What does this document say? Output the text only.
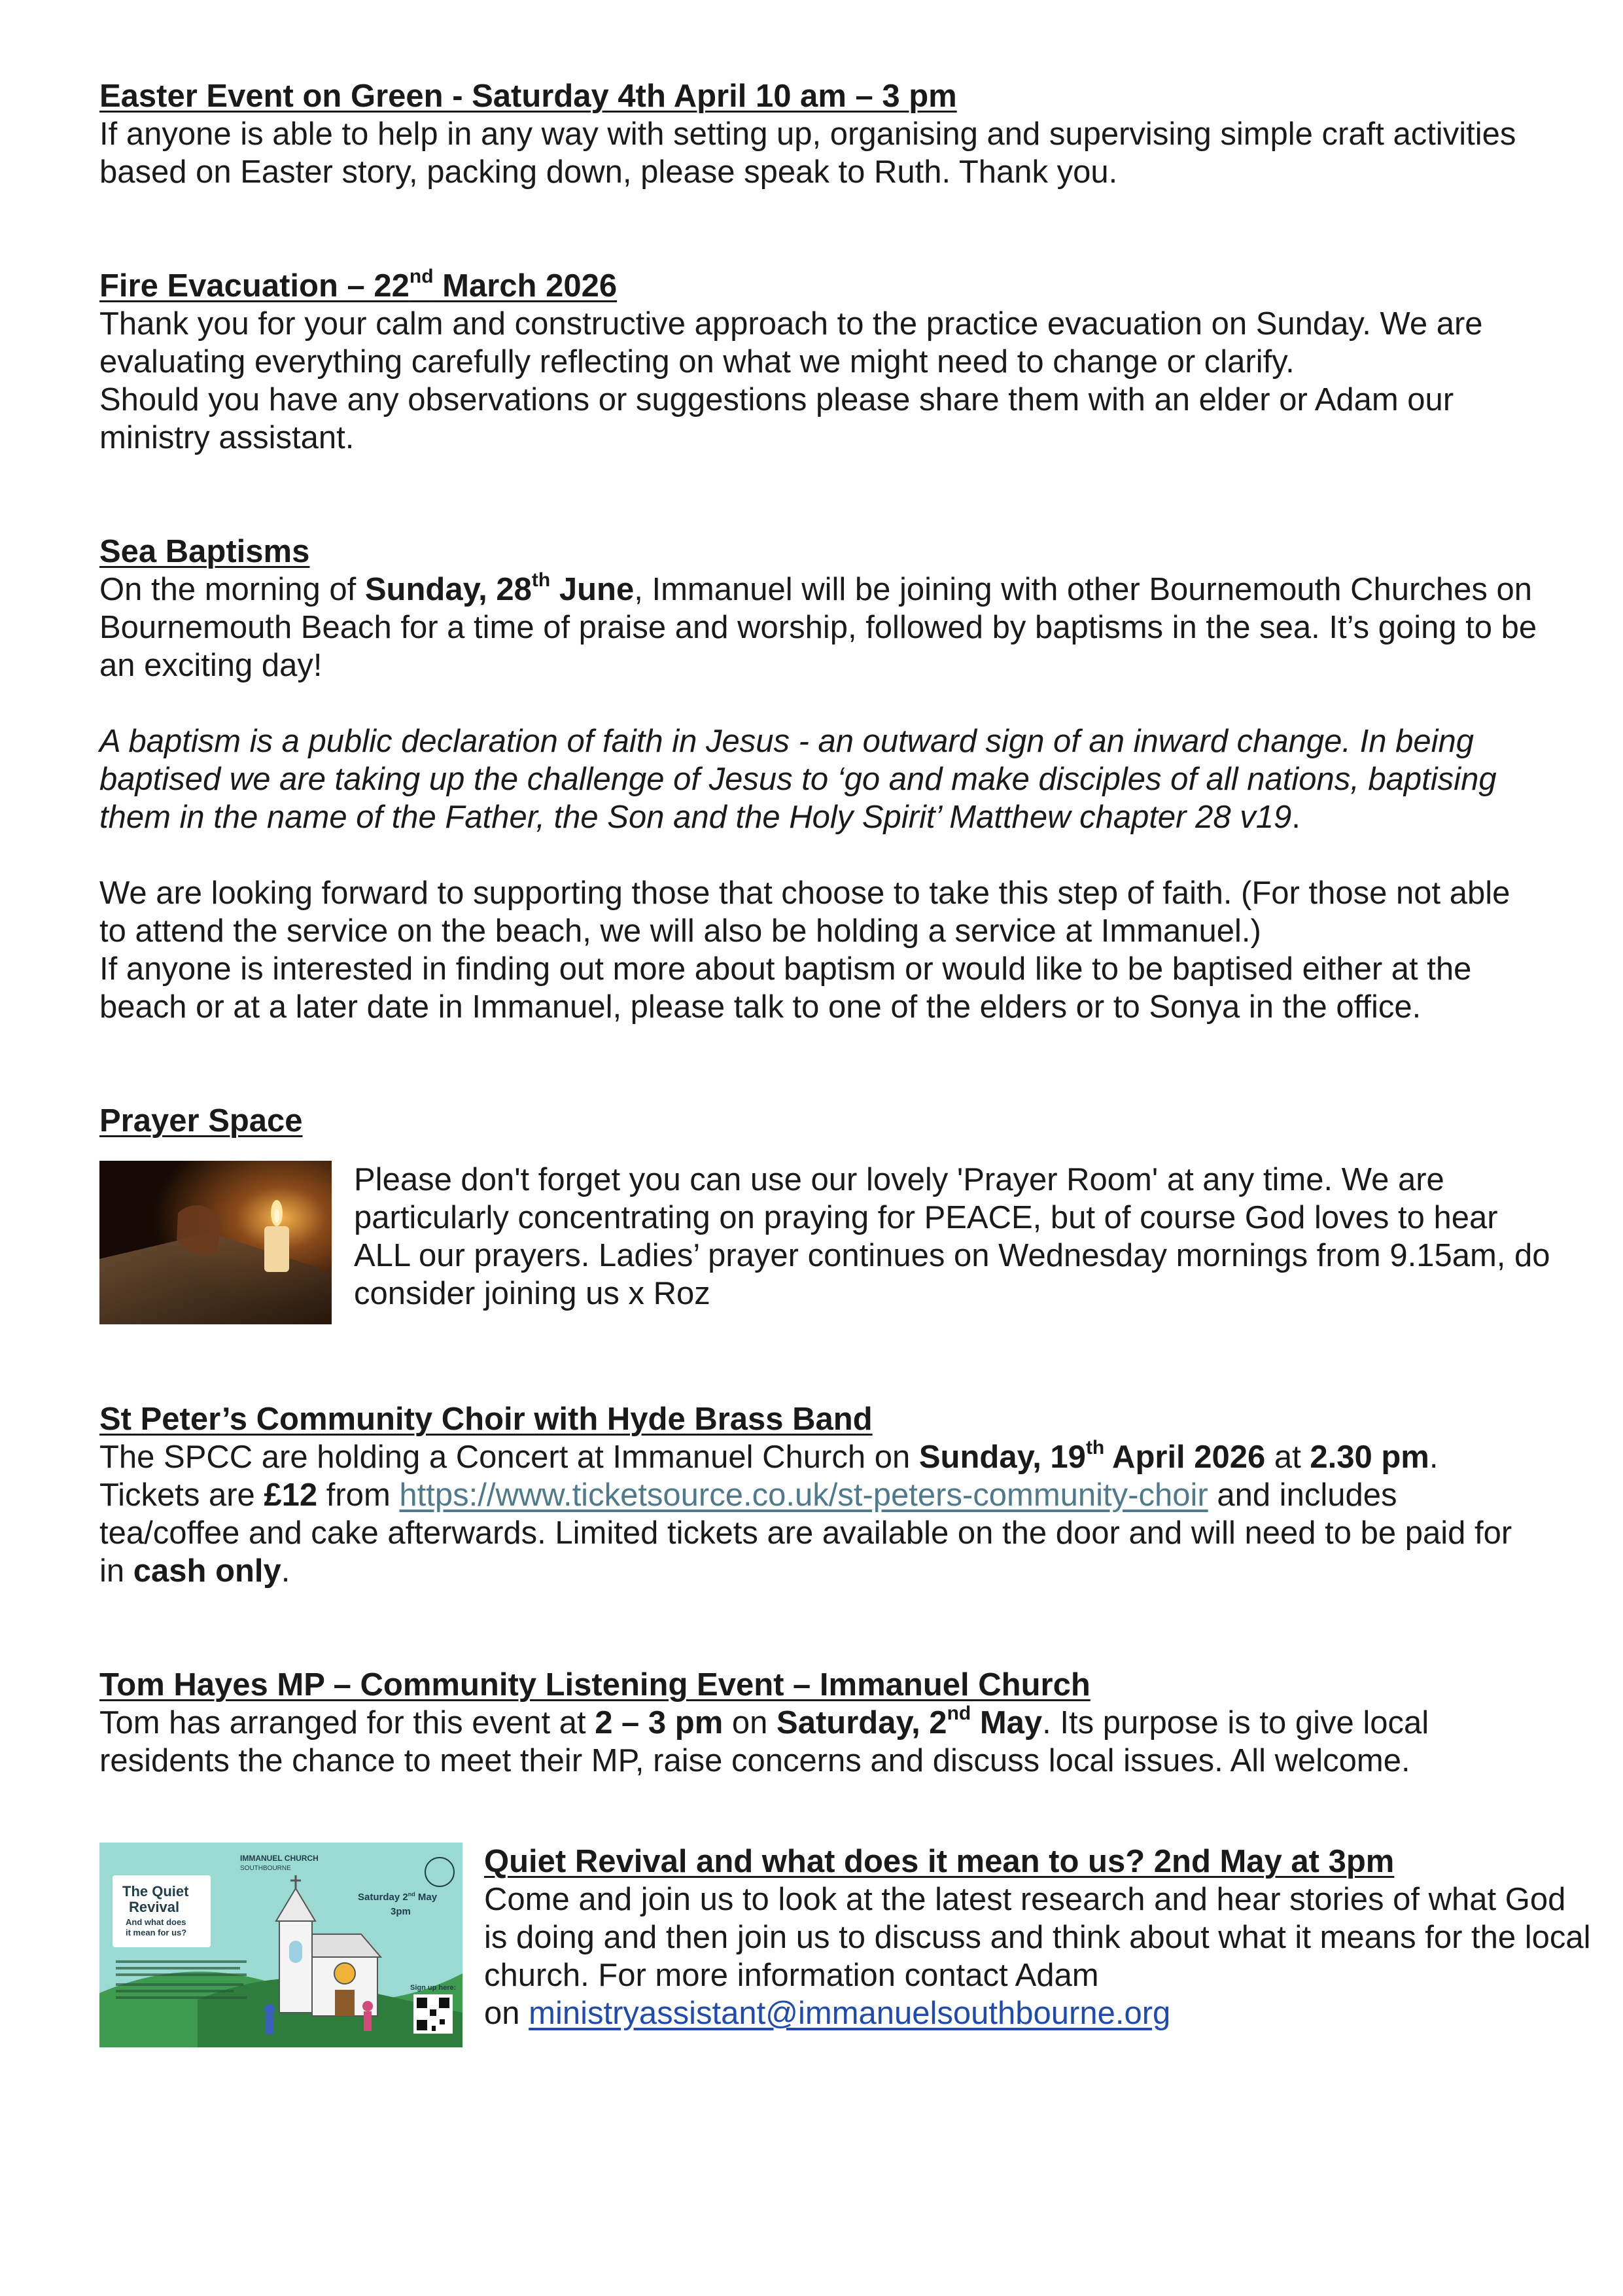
Easter Event on Green - Saturday 4th April 10 am – 3 pm

If anyone is able to help in any way with setting up, organising and supervising simple craft activities based on Easter story, packing down, please speak to Ruth. Thank you.

Fire Evacuation – 22nd March 2026

Thank you for your calm and constructive approach to the practice evacuation on Sunday. We are evaluating everything carefully reflecting on what we might need to change or clarify.

Should you have any observations or suggestions please share them with an elder or Adam our ministry assistant.

Sea Baptisms

On the morning of Sunday, 28th June, Immanuel will be joining with other Bournemouth Churches on Bournemouth Beach for a time of praise and worship, followed by baptisms in the sea. It’s going to be an exciting day!

A baptism is a public declaration of faith in Jesus - an outward sign of an inward change. In being baptised we are taking up the challenge of Jesus to ‘go and make disciples of all nations, baptising them in the name of the Father, the Son and the Holy Spirit’ Matthew chapter 28 v19.

We are looking forward to supporting those that choose to take this step of faith. (For those not able to attend the service on the beach, we will also be holding a service at Immanuel.)

If anyone is interested in finding out more about baptism or would like to be baptised either at the beach or at a later date in Immanuel, please talk to one of the elders or to Sonya in the office.

Prayer Space

Please don't forget you can use our lovely 'Prayer Room' at any time. We are particularly concentrating on praying for PEACE, but of course God loves to hear ALL our prayers. Ladies’ prayer continues on Wednesday mornings from 9.15am, do consider joining us x Roz

St Peter’s Community Choir with Hyde Brass Band

The SPCC are holding a Concert at Immanuel Church on Sunday, 19th April 2026 at 2.30 pm. Tickets are £12 from https://www.ticketsource.co.uk/st-peters-community-choir and includes tea/coffee and cake afterwards. Limited tickets are available on the door and will need to be paid for in cash only.

Tom Hayes MP – Community Listening Event – Immanuel Church

Tom has arranged for this event at 2 – 3 pm on Saturday, 2nd May. Its purpose is to give local residents the chance to meet their MP, raise concerns and discuss local issues. All welcome.

The Quiet
Revival
And what does
it mean for us?
IMMANUEL CHURCH
SOUTHBOURNE
Saturday 2nd May
3pm
Sign up here:
Quiet Revival and what does it mean to us? 2nd May at 3pm

Come and join us to look at the latest research and hear stories of what God is doing and then join us to discuss and think about what it means for the local church. For more information contact Adam

on ministryassistant@immanuelsouthbourne.org
